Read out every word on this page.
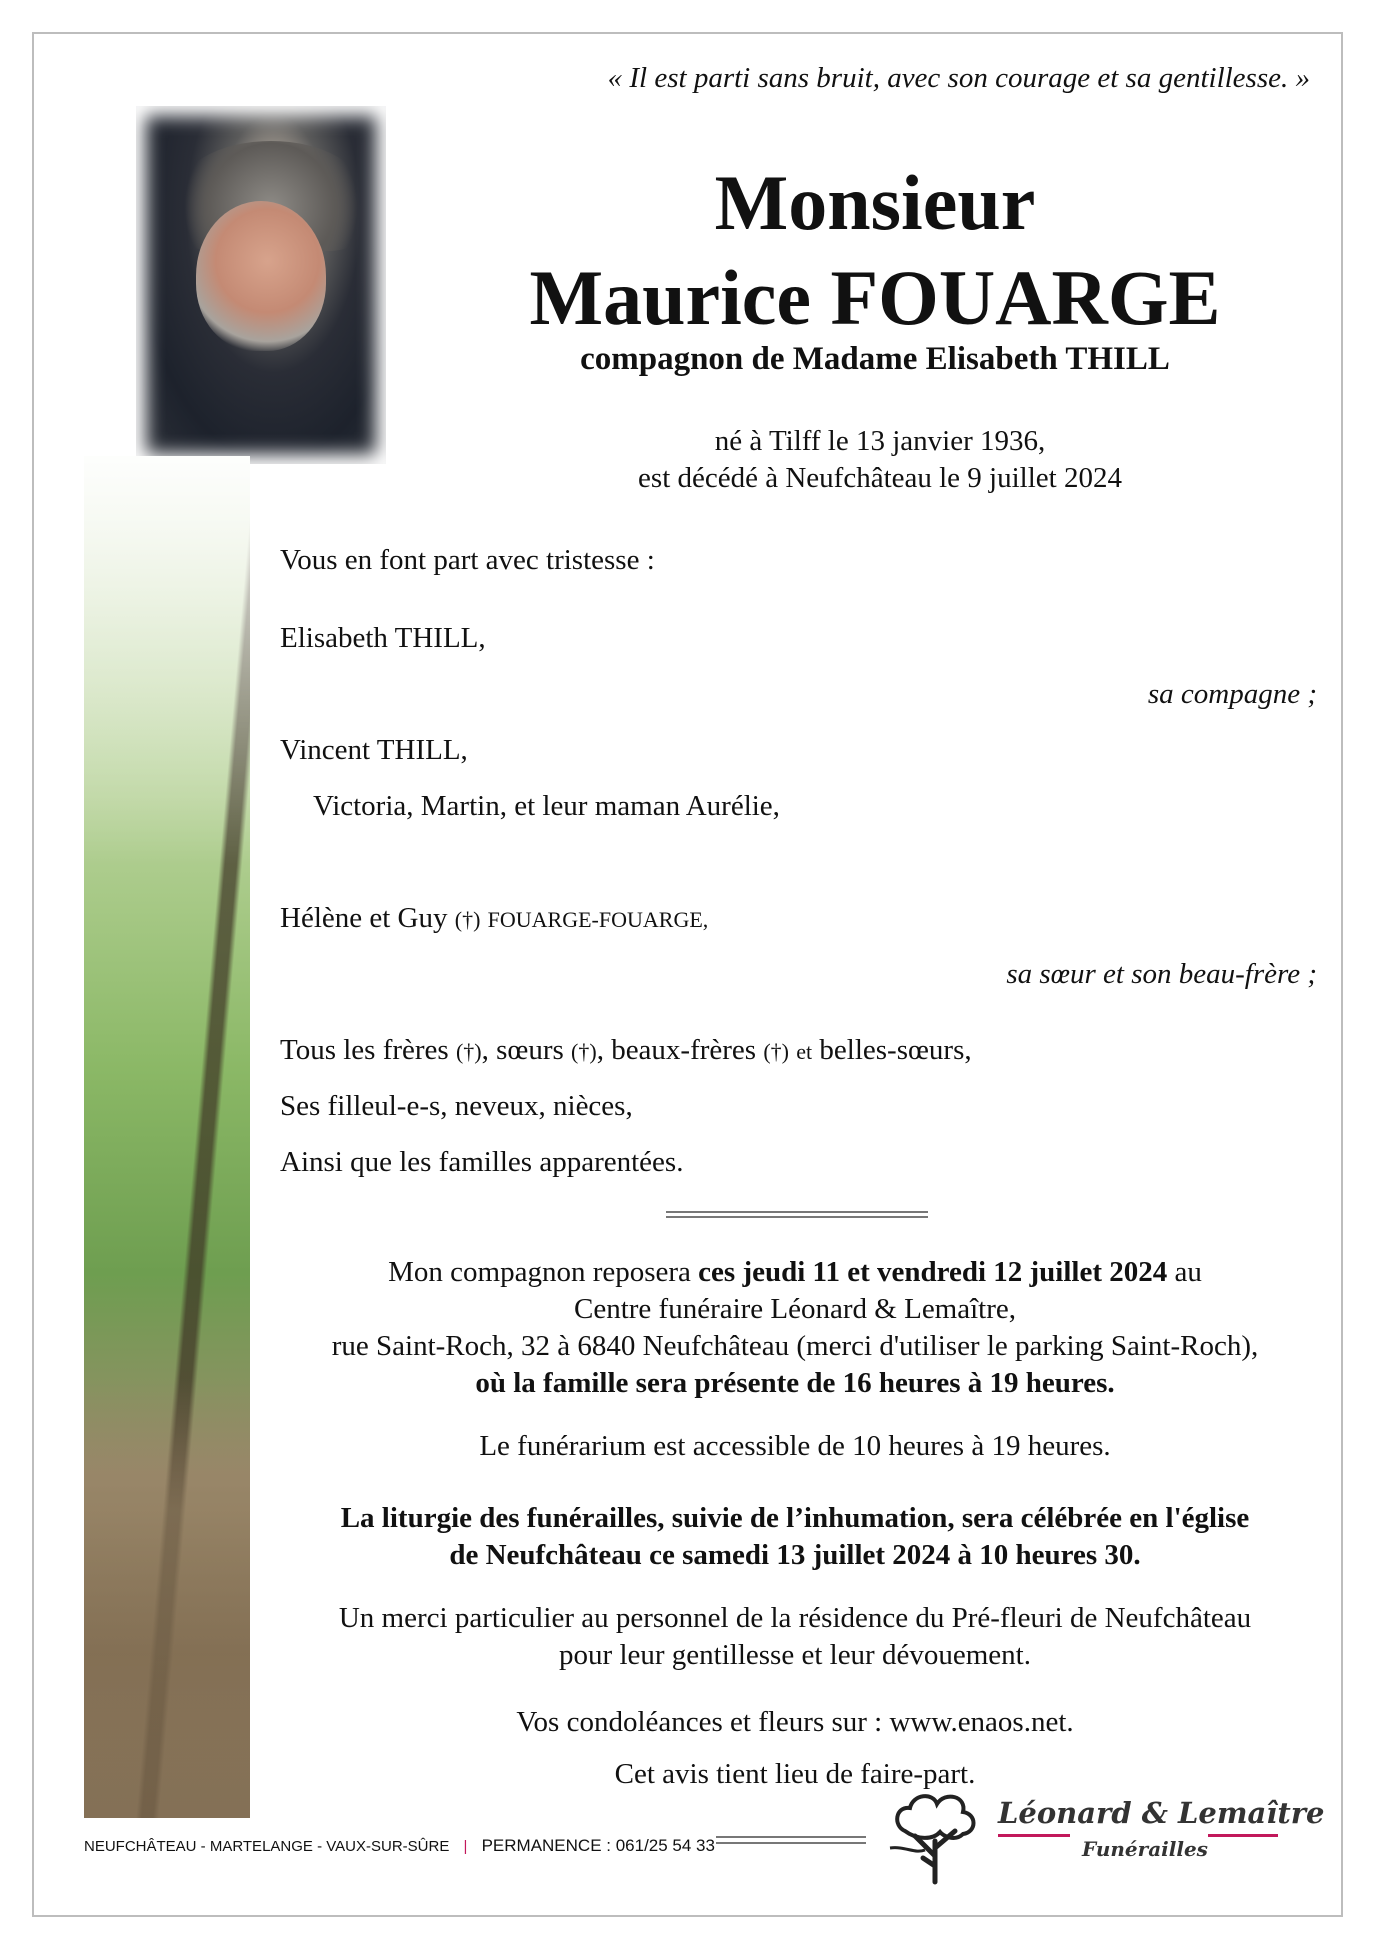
« Il est parti sans bruit, avec son courage et sa gentillesse. »
Monsieur
Maurice FOUARGE
compagnon de Madame Elisabeth THILL
né à Tilff le 13 janvier 1936,
est décédé à Neufchâteau le 9 juillet 2024
Vous en font part avec tristesse :
Elisabeth THILL,
sa compagne ;
Vincent THILL,
Victoria, Martin, et leur maman Aurélie,
Hélène et Guy (†) FOUARGE-FOUARGE,
sa sœur et son beau-frère ;
Tous les frères (†), sœurs (†), beaux-frères (†) et belles-sœurs,
Ses filleul-e-s, neveux, nièces,
Ainsi que les familles apparentées.
Mon compagnon reposera ces jeudi 11 et vendredi 12 juillet 2024 au
Centre funéraire Léonard & Lemaître,
rue Saint-Roch, 32 à 6840 Neufchâteau (merci d'utiliser le parking Saint-Roch),
où la famille sera présente de 16 heures à 19 heures.
Le funérarium est accessible de 10 heures à 19 heures.
La liturgie des funérailles, suivie de l’inhumation, sera célébrée en l'église
de Neufchâteau ce samedi 13 juillet 2024 à 10 heures 30.
Un merci particulier au personnel de la résidence du Pré-fleuri de Neufchâteau
pour leur gentillesse et leur dévouement.
Vos condoléances et fleurs sur : www.enaos.net.
Cet avis tient lieu de faire-part.
NEUFCHÂTEAU - MARTELANGE - VAUX-SUR-SÛRE | PERMANENCE : 061/25 54 33
Léonard & Lemaître
Funérailles
